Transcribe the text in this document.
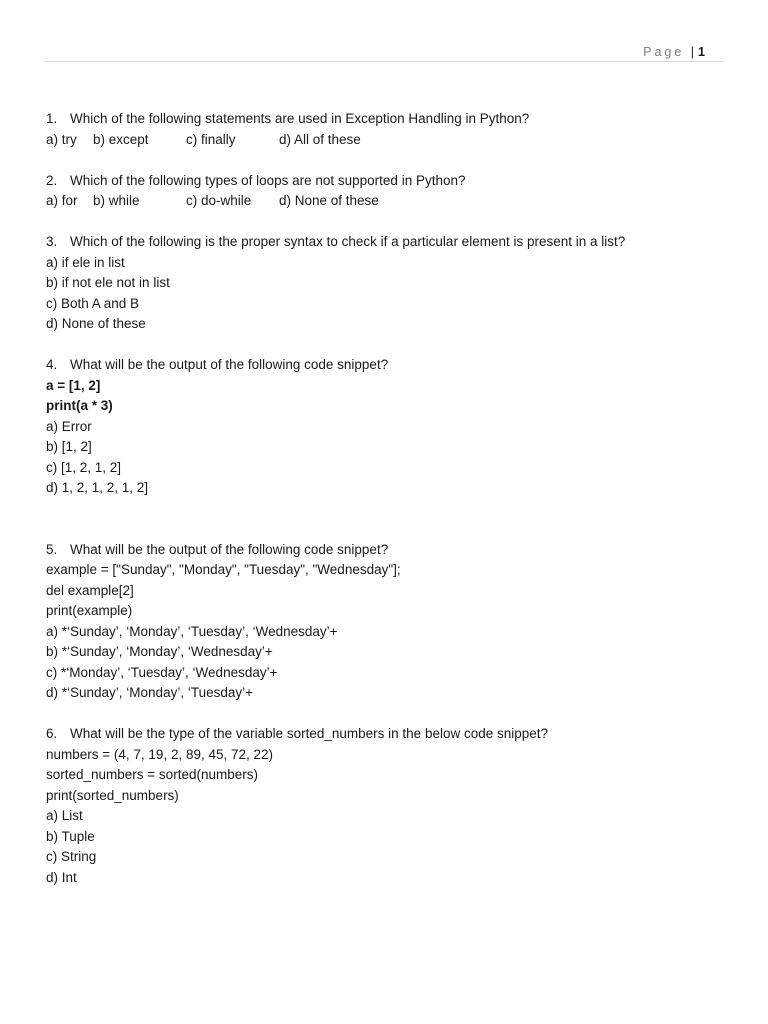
Page | 1
1. Which of the following statements are used in Exception Handling in Python?
a) try b) except	c) finally	d) All of these
2. Which of the following types of loops are not supported in Python?
a) for b) while	c) do-while d) None of these
3. Which of the following is the proper syntax to check if a particular element is present in a list?
a) if ele in list
b) if not ele not in list
c) Both A and B
d) None of these
4. What will be the output of the following code snippet?
a = [1, 2]
print(a * 3)
a) Error
b) [1, 2]
c) [1, 2, 1, 2]
d) 1, 2, 1, 2, 1, 2]
5. What will be the output of the following code snippet?
example = ["Sunday", "Monday", "Tuesday", "Wednesday"];
del example[2]
print(example)
a) *‘Sunday’, ‘Monday’, ‘Tuesday’, ‘Wednesday’+
b) *‘Sunday’, ‘Monday’, ‘Wednesday’+
c) *‘Monday’, ‘Tuesday’, ‘Wednesday’+
d) *‘Sunday’, ‘Monday’, ‘Tuesday’+
6. What will be the type of the variable sorted_numbers in the below code snippet?
numbers = (4, 7, 19, 2, 89, 45, 72, 22)
sorted_numbers = sorted(numbers)
print(sorted_numbers)
a) List
b) Tuple
c) String
d) Int
